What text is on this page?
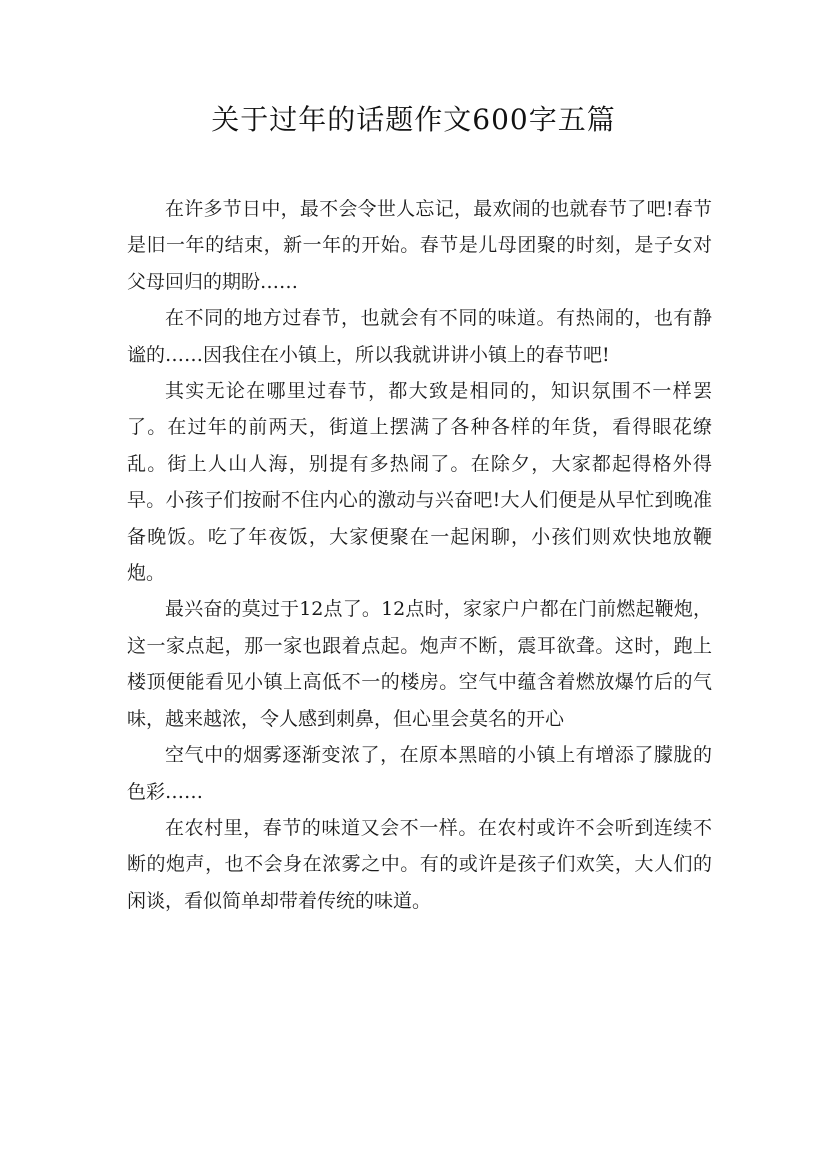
关于过年的话题作文600字五篇

在许多节日中，最不会令世人忘记，最欢闹的也就春节了吧!春节是旧一年的结束，新一年的开始。春节是儿母团聚的时刻，是子女对父母回归的期盼……

在不同的地方过春节，也就会有不同的味道。有热闹的，也有静谧的……因我住在小镇上，所以我就讲讲小镇上的春节吧!

其实无论在哪里过春节，都大致是相同的，知识氛围不一样罢了。在过年的前两天，街道上摆满了各种各样的年货，看得眼花缭乱。街上人山人海，别提有多热闹了。在除夕，大家都起得格外得早。小孩子们按耐不住内心的激动与兴奋吧!大人们便是从早忙到晚准备晚饭。吃了年夜饭，大家便聚在一起闲聊，小孩们则欢快地放鞭炮。

最兴奋的莫过于12点了。12点时，家家户户都在门前燃起鞭炮，这一家点起，那一家也跟着点起。炮声不断，震耳欲聋。这时，跑上楼顶便能看见小镇上高低不一的楼房。空气中蕴含着燃放爆竹后的气味，越来越浓，令人感到刺鼻，但心里会莫名的开心

空气中的烟雾逐渐变浓了，在原本黑暗的小镇上有增添了朦胧的色彩……

在农村里，春节的味道又会不一样。在农村或许不会听到连续不断的炮声，也不会身在浓雾之中。有的或许是孩子们欢笑，大人们的闲谈，看似简单却带着传统的味道。
